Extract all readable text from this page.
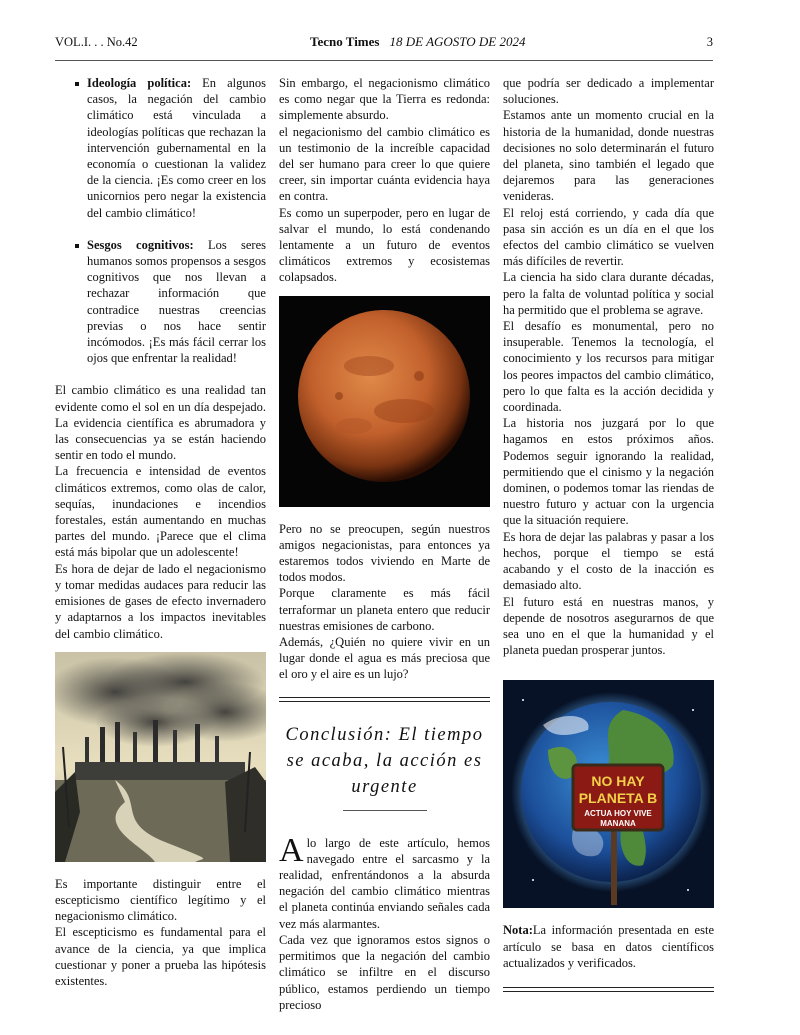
VOL.I. . . No.42	Tecno Times 18 DE AGOSTO DE 2024	3
Ideología política: En algunos casos, la negación del cambio climático está vinculada a ideologías políticas que rechazan la intervención gubernamental en la economía o cuestionan la validez de la ciencia. ¡Es como creer en los unicornios pero negar la existencia del cambio climático!
Sesgos cognitivos: Los seres humanos somos propensos a sesgos cognitivos que nos llevan a rechazar información que contradice nuestras creencias previas o nos hace sentir incómodos. ¡Es más fácil cerrar los ojos que enfrentar la realidad!

El cambio climático es una realidad tan evidente como el sol en un día despejado. La evidencia científica es abrumadora y las consecuencias ya se están haciendo sentir en todo el mundo.

La frecuencia e intensidad de eventos climáticos extremos, como olas de calor, sequías, inundaciones e incendios forestales, están aumentando en muchas partes del mundo. ¡Parece que el clima está más bipolar que un adolescente!

Es hora de dejar de lado el negacionismo y tomar medidas audaces para reducir las emisiones de gases de efecto invernadero y adaptarnos a los impactos inevitables del cambio climático.

Es importante distinguir entre el escepticismo científico legítimo y el negacionismo climático.

El escepticismo es fundamental para el avance de la ciencia, ya que implica cuestionar y poner a prueba las hipótesis existentes.

Sin embargo, el negacionismo climático es como negar que la Tierra es redonda: simplemente absurdo.

el negacionismo del cambio climático es un testimonio de la increíble capacidad del ser humano para creer lo que quiere creer, sin importar cuánta evidencia haya en contra.

Es como un superpoder, pero en lugar de salvar el mundo, lo está condenando lentamente a un futuro de eventos climáticos extremos y ecosistemas colapsados.

Pero no se preocupen, según nuestros amigos negacionistas, para entonces ya estaremos todos viviendo en Marte de todos modos.

Porque claramente es más fácil terraformar un planeta entero que reducir nuestras emisiones de carbono.

Además, ¿Quién no quiere vivir en un lugar donde el agua es más preciosa que el oro y el aire es un lujo?

Conclusión: El tiempo se acaba, la acción es urgente

Alo largo de este artículo, hemos navegado entre el sarcasmo y la realidad, enfrentándonos a la absurda negación del cambio climático mientras el planeta continúa enviando señales cada vez más alarmantes.

Cada vez que ignoramos estos signos o permitimos que la negación del cambio climático se infiltre en el discurso público, estamos perdiendo un tiempo precioso

que podría ser dedicado a implementar soluciones.

Estamos ante un momento crucial en la historia de la humanidad, donde nuestras decisiones no solo determinarán el futuro del planeta, sino también el legado que dejaremos para las generaciones venideras.

El reloj está corriendo, y cada día que pasa sin acción es un día en el que los efectos del cambio climático se vuelven más difíciles de revertir.

La ciencia ha sido clara durante décadas, pero la falta de voluntad política y social ha permitido que el problema se agrave.

El desafío es monumental, pero no insuperable. Tenemos la tecnología, el conocimiento y los recursos para mitigar los peores impactos del cambio climático, pero lo que falta es la acción decidida y coordinada.

La historia nos juzgará por lo que hagamos en estos próximos años. Podemos seguir ignorando la realidad, permitiendo que el cinismo y la negación dominen, o podemos tomar las riendas de nuestro futuro y actuar con la urgencia que la situación requiere.

Es hora de dejar las palabras y pasar a los hechos, porque el tiempo se está acabando y el costo de la inacción es demasiado alto.

El futuro está en nuestras manos, y depende de nosotros asegurarnos de que sea uno en el que la humanidad y el planeta puedan prosperar juntos.

NO HAY
PLANETA B
ACTUA HOY VIVE
MANANA

Nota:La información presentada en este artículo se basa en datos científicos actualizados y verificados.
